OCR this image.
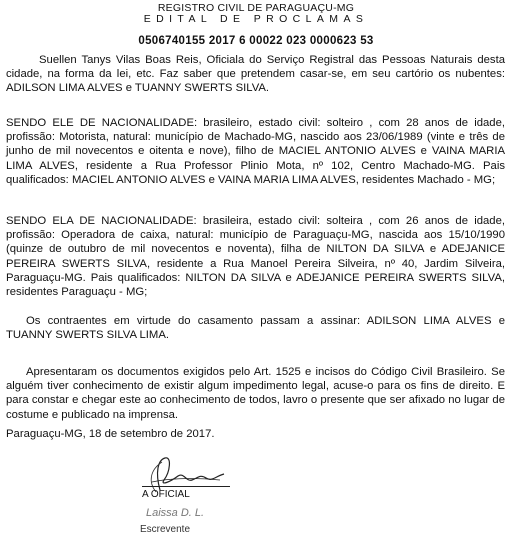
REGISTRO CIVIL DE PARAGUAÇU-MG
EDITAL DE PROCLAMAS
0506740155 2017 6 00022 023 0000623 53

Suellen Tanys Vilas Boas Reis, Oficiala do Serviço Registral das Pessoas Naturais desta cidade, na forma da lei, etc. Faz saber que pretendem casar-se, em seu cartório os nubentes: ADILSON LIMA ALVES e TUANNY SWERTS SILVA.

SENDO ELE DE NACIONALIDADE: brasileiro, estado civil: solteiro , com 28 anos de idade, profissão: Motorista, natural: município de Machado-MG, nascido aos 23/06/1989 (vinte e três de junho de mil novecentos e oitenta e nove), filho de MACIEL ANTONIO ALVES e VAINA MARIA LIMA ALVES, residente a Rua Professor Plinio Mota, nº 102, Centro Machado-MG. Pais qualificados: MACIEL ANTONIO ALVES e VAINA MARIA LIMA ALVES, residentes Machado - MG;

SENDO ELA DE NACIONALIDADE: brasileira, estado civil: solteira , com 26 anos de idade, profissão: Operadora de caixa, natural: município de Paraguaçu-MG, nascida aos 15/10/1990 (quinze de outubro de mil novecentos e noventa), filha de NILTON DA SILVA e ADEJANICE PEREIRA SWERTS SILVA, residente a Rua Manoel Pereira Silveira, nº 40, Jardim Silveira, Paraguaçu-MG. Pais qualificados: NILTON DA SILVA e ADEJANICE PEREIRA SWERTS SILVA, residentes Paraguaçu - MG;

Os contraentes em virtude do casamento passam a assinar: ADILSON LIMA ALVES e TUANNY SWERTS SILVA LIMA.

Apresentaram os documentos exigidos pelo Art. 1525 e incisos do Código Civil Brasileiro. Se alguém tiver conhecimento de existir algum impedimento legal, acuse-o para os fins de direito. E para constar e chegar este ao conhecimento de todos, lavro o presente que ser afixado no lugar de costume e publicado na imprensa.

Paraguaçu-MG, 18 de setembro de 2017.
A OFICIAL
Laissa D. L.
Escrevente
